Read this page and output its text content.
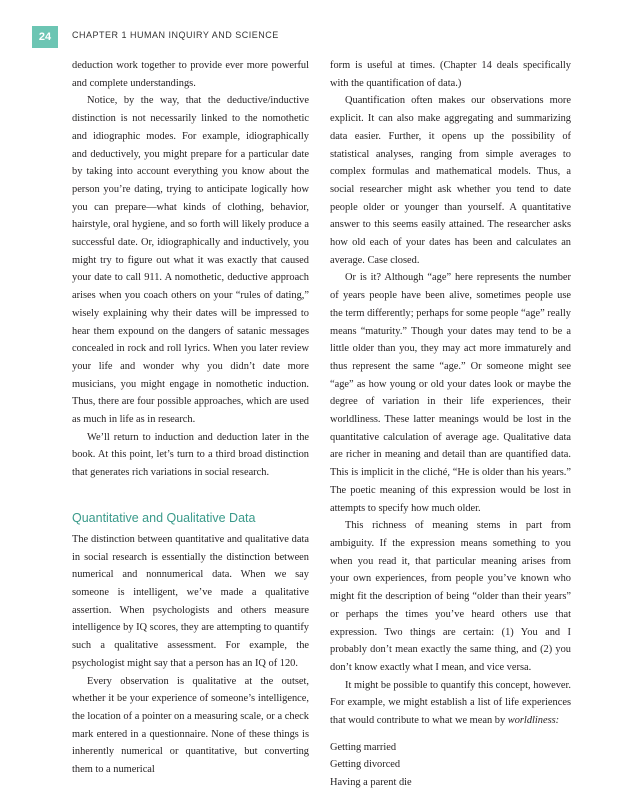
24	CHAPTER 1 HUMAN INQUIRY AND SCIENCE

deduction work together to provide ever more powerful and complete understandings.

Notice, by the way, that the deductive/inductive distinction is not necessarily linked to the nomothetic and idiographic modes. For example, idiographically and deductively, you might prepare for a particular date by taking into account everything you know about the person you’re dating, trying to anticipate logically how you can prepare—what kinds of clothing, behavior, hairstyle, oral hygiene, and so forth will likely produce a successful date. Or, idiographically and inductively, you might try to figure out what it was exactly that caused your date to call 911. A nomothetic, deductive approach arises when you coach others on your “rules of dating,” wisely explaining why their dates will be impressed to hear them expound on the dangers of satanic messages concealed in rock and roll lyrics. When you later review your life and wonder why you didn’t date more musicians, you might engage in nomothetic induction. Thus, there are four possible approaches, which are used as much in life as in research.

We’ll return to induction and deduction later in the book. At this point, let’s turn to a third broad distinction that generates rich variations in social research.

Quantitative and Qualitative Data

The distinction between quantitative and qualitative data in social research is essentially the distinction between numerical and nonnumerical data. When we say someone is intelligent, we’ve made a qualitative assertion. When psychologists and others measure intelligence by IQ scores, they are attempting to quantify such a qualitative assessment. For example, the psychologist might say that a person has an IQ of 120.

Every observation is qualitative at the outset, whether it be your experience of someone’s intelligence, the location of a pointer on a measuring scale, or a check mark entered in a questionnaire. None of these things is inherently numerical or quantitative, but converting them to a numerical

form is useful at times. (Chapter 14 deals specifically with the quantification of data.)

Quantification often makes our observations more explicit. It can also make aggregating and summarizing data easier. Further, it opens up the possibility of statistical analyses, ranging from simple averages to complex formulas and mathematical models. Thus, a social researcher might ask whether you tend to date people older or younger than yourself. A quantitative answer to this seems easily attained. The researcher asks how old each of your dates has been and calculates an average. Case closed.

Or is it? Although “age” here represents the number of years people have been alive, sometimes people use the term differently; perhaps for some people “age” really means “maturity.” Though your dates may tend to be a little older than you, they may act more immaturely and thus represent the same “age.” Or someone might see “age” as how young or old your dates look or maybe the degree of variation in their life experiences, their worldliness. These latter meanings would be lost in the quantitative calculation of average age. Qualitative data are richer in meaning and detail than are quantified data. This is implicit in the cliché, “He is older than his years.” The poetic meaning of this expression would be lost in attempts to specify how much older.

This richness of meaning stems in part from ambiguity. If the expression means something to you when you read it, that particular meaning arises from your own experiences, from people you’ve known who might fit the description of being “older than their years” or perhaps the times you’ve heard others use that expression. Two things are certain: (1) You and I probably don’t mean exactly the same thing, and (2) you don’t know exactly what I mean, and vice versa.

It might be possible to quantify this concept, however. For example, we might establish a list of life experiences that would contribute to what we mean by worldliness:

Getting married
Getting divorced
Having a parent die
